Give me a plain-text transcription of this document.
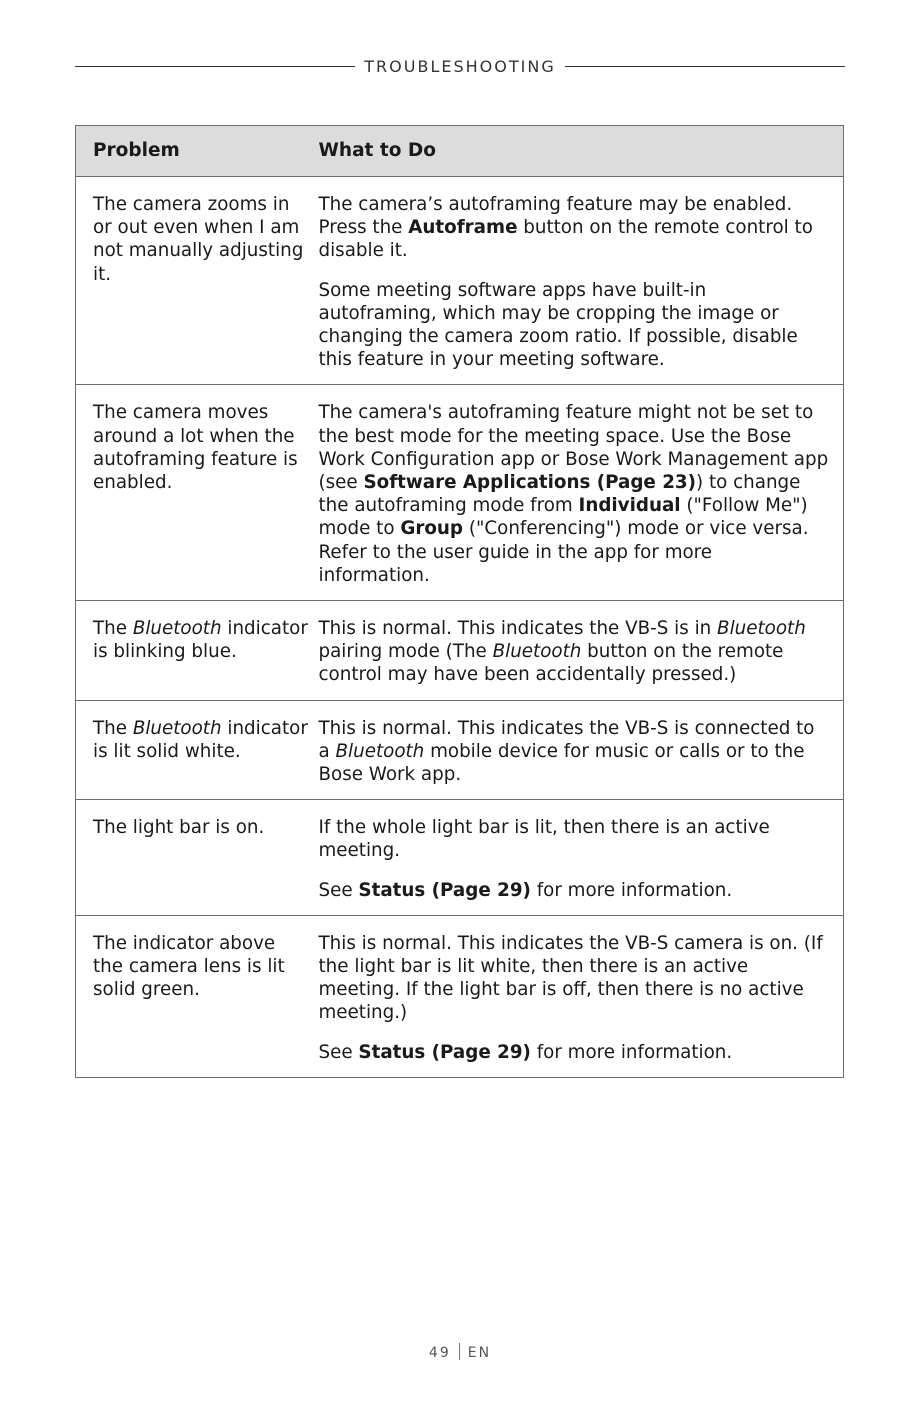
TROUBLESHOOTING
Problem	What to Do
The camera zooms in or out even when I am not manually adjusting it.	The camera’s autoframing feature may be enabled. Press the Autoframe button on the remote control to disable it.

Some meeting software apps have built-in autoframing, which may be cropping the image or changing the camera zoom ratio. If possible, disable this feature in your meeting software.

The camera moves around a lot when the autoframing feature is enabled.	The camera's autoframing feature might not be set to the best mode for the meeting space. Use the Bose Work Configuration app or Bose Work Management app (see Software Applications (Page 23)) to change the autoframing mode from Individual ("Follow Me") mode to Group ("Conferencing") mode or vice versa. Refer to the user guide in the app for more information.

The Bluetooth indicator is blinking blue.	This is normal. This indicates the VB-S is in Bluetooth pairing mode (The Bluetooth button on the remote control may have been accidentally pressed.)

The Bluetooth indicator is lit solid white.	This is normal. This indicates the VB-S is connected to a Bluetooth mobile device for music or calls or to the Bose Work app.

The light bar is on.	If the whole light bar is lit, then there is an active meeting.

See Status (Page 29) for more information.

The indicator above the camera lens is lit solid green.	This is normal. This indicates the VB-S camera is on. (If the light bar is lit white, then there is an active meeting. If the light bar is off, then there is no active meeting.)

See Status (Page 29) for more information.

49 EN
